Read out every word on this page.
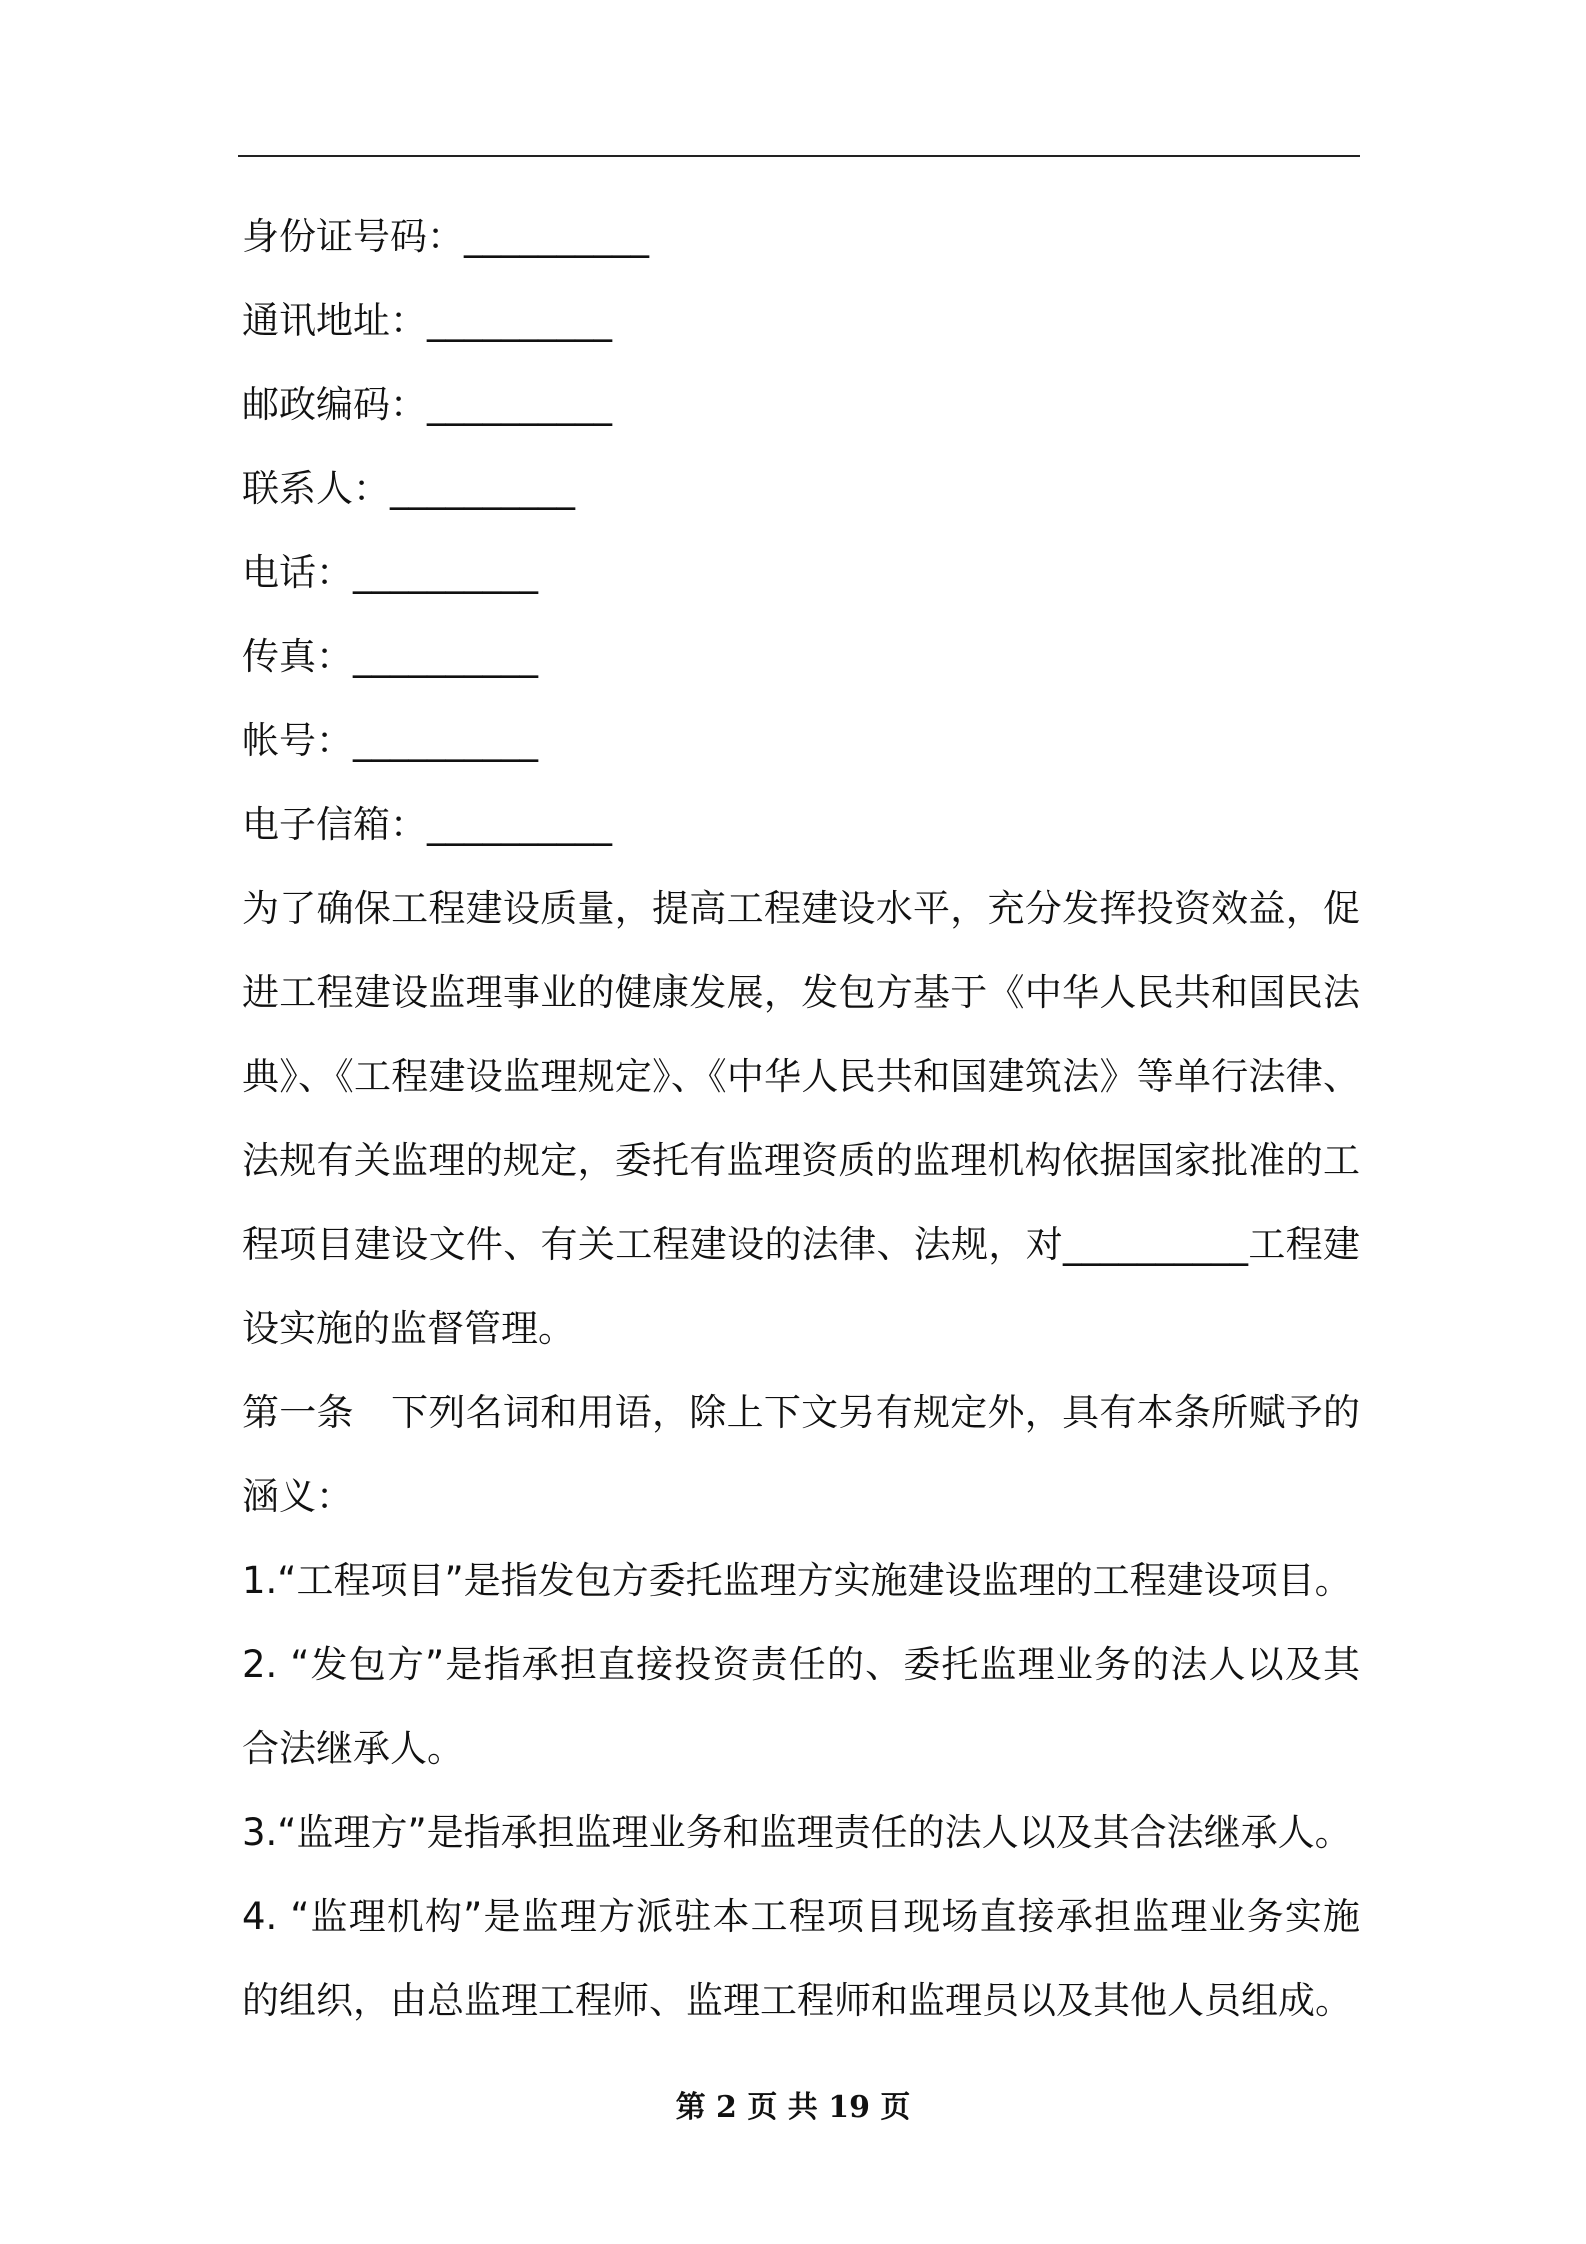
身份证号码：__________
通讯地址：__________
邮政编码：__________
联系人：__________
电话：__________
传真：__________
帐号：__________
电子信箱：__________
为了确保工程建设质量，提高工程建设水平，充分发挥投资效益，促进工程建设监理事业的健康发展，发包方基于《中华人民共和国民法典》、《工程建设监理规定》、《中华人民共和国建筑法》等单行法律、法规有关监理的规定，委托有监理资质的监理机构依据国家批准的工程项目建设文件、有关工程建设的法律、法规，对__________工程建设实施的监督管理。
第一条　下列名词和用语，除上下文另有规定外，具有本条所赋予的涵义：
1.“工程项目”是指发包方委托监理方实施建设监理的工程建设项目。
2. “发包方”是指承担直接投资责任的、委托监理业务的法人以及其合法继承人。
3.“监理方”是指承担监理业务和监理责任的法人以及其合法继承人。
4. “监理机构”是监理方派驻本工程项目现场直接承担监理业务实施的组织，由总监理工程师、监理工程师和监理员以及其他人员组成。
第 2 页 共 19 页
